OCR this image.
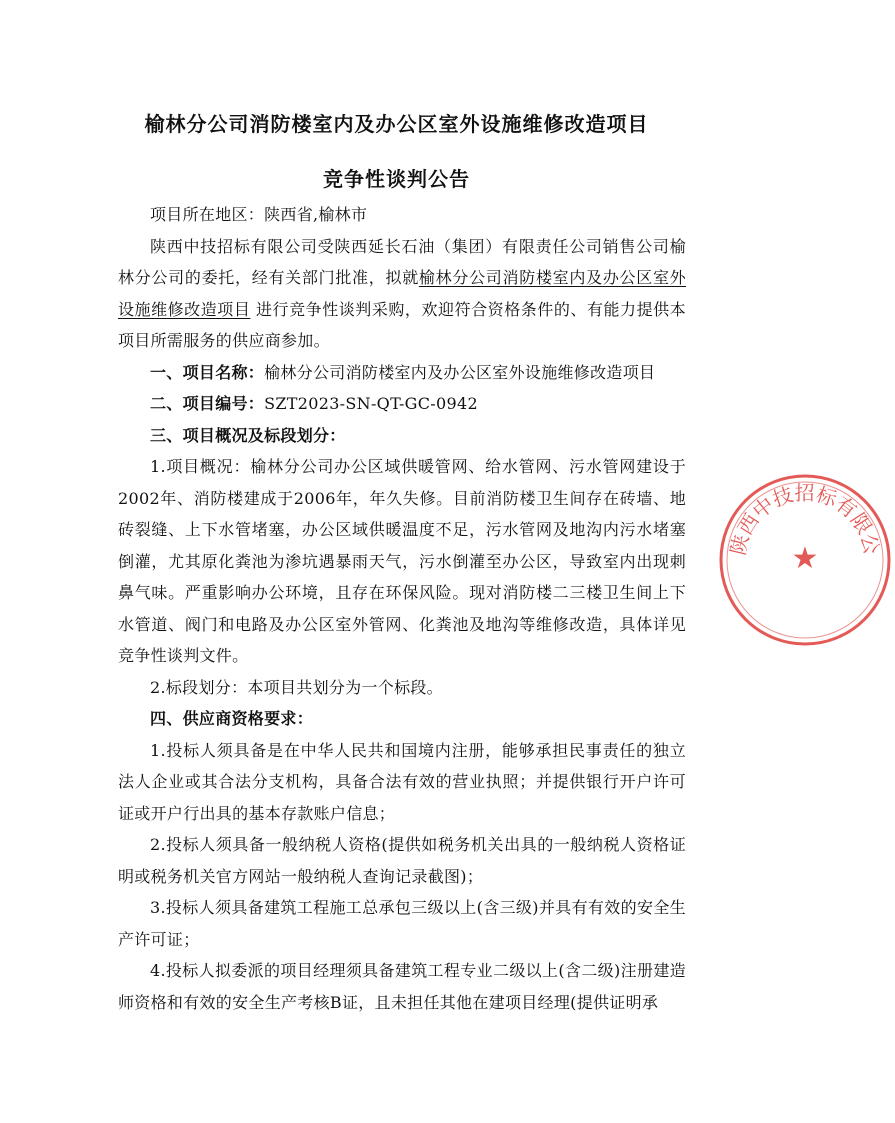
榆林分公司消防楼室内及办公区室外设施维修改造项目
竞争性谈判公告

项目所在地区：陕西省,榆林市

陕西中技招标有限公司受陕西延长石油（集团）有限责任公司销售公司榆林分公司的委托，经有关部门批准，拟就榆林分公司消防楼室内及办公区室外设施维修改造项目 进行竞争性谈判采购，欢迎符合资格条件的、有能力提供本项目所需服务的供应商参加。

一、项目名称：榆林分公司消防楼室内及办公区室外设施维修改造项目

二、项目编号：SZT2023-SN-QT-GC-0942

三、项目概况及标段划分：

1.项目概况：榆林分公司办公区域供暖管网、给水管网、污水管网建设于2002年、消防楼建成于2006年，年久失修。目前消防楼卫生间存在砖墙、地砖裂缝、上下水管堵塞，办公区域供暖温度不足，污水管网及地沟内污水堵塞倒灌，尤其原化粪池为渗坑遇暴雨天气，污水倒灌至办公区，导致室内出现刺鼻气味。严重影响办公环境，且存在环保风险。现对消防楼二三楼卫生间上下水管道、阀门和电路及办公区室外管网、化粪池及地沟等维修改造，具体详见竞争性谈判文件。

2.标段划分：本项目共划分为一个标段。

四、供应商资格要求：

1.投标人须具备是在中华人民共和国境内注册，能够承担民事责任的独立法人企业或其合法分支机构，具备合法有效的营业执照；并提供银行开户许可证或开户行出具的基本存款账户信息；

2.投标人须具备一般纳税人资格(提供如税务机关出具的一般纳税人资格证明或税务机关官方网站一般纳税人查询记录截图)；

3.投标人须具备建筑工程施工总承包三级以上(含三级)并具有有效的安全生产许可证；

4.投标人拟委派的项目经理须具备建筑工程专业二级以上(含二级)注册建造师资格和有效的安全生产考核B证，且未担任其他在建项目经理(提供证明承

陕西中技招标有限公司
★
